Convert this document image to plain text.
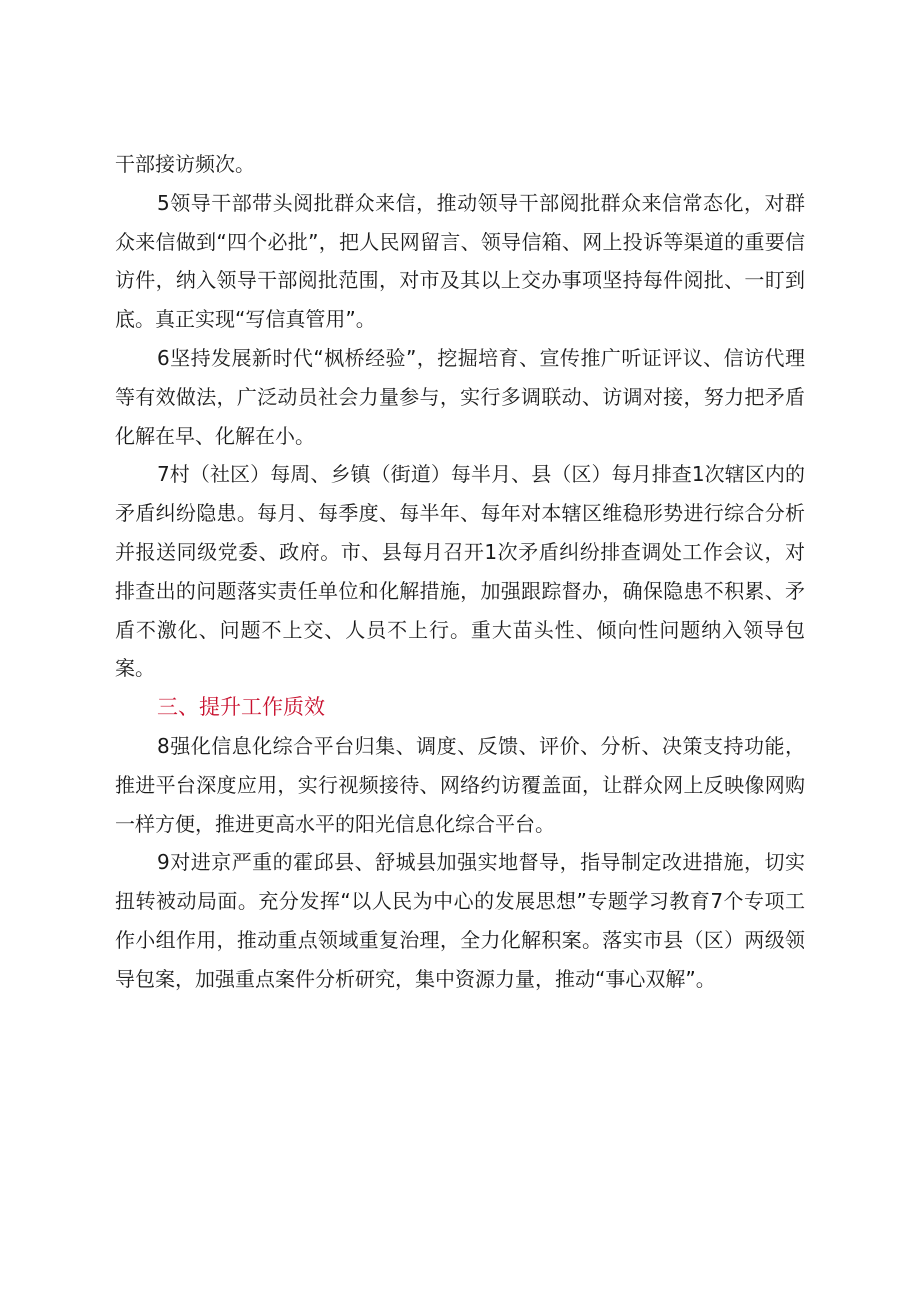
干部接访频次。

5领导干部带头阅批群众来信，推动领导干部阅批群众来信常态化，对群众来信做到“四个必批”，把人民网留言、领导信箱、网上投诉等渠道的重要信访件，纳入领导干部阅批范围，对市及其以上交办事项坚持每件阅批、一盯到底。真正实现“写信真管用”。

6坚持发展新时代“枫桥经验”，挖掘培育、宣传推广听证评议、信访代理等有效做法，广泛动员社会力量参与，实行多调联动、访调对接，努力把矛盾化解在早、化解在小。

7村（社区）每周、乡镇（街道）每半月、县（区）每月排查1次辖区内的矛盾纠纷隐患。每月、每季度、每半年、每年对本辖区维稳形势进行综合分析并报送同级党委、政府。市、县每月召开1次矛盾纠纷排查调处工作会议，对排查出的问题落实责任单位和化解措施，加强跟踪督办，确保隐患不积累、矛盾不激化、问题不上交、人员不上行。重大苗头性、倾向性问题纳入领导包案。

三、提升工作质效

8强化信息化综合平台归集、调度、反馈、评价、分析、决策支持功能，推进平台深度应用，实行视频接待、网络约访覆盖面，让群众网上反映像网购一样方便，推进更高水平的阳光信息化综合平台。

9对进京严重的霍邱县、舒城县加强实地督导，指导制定改进措施，切实扭转被动局面。充分发挥“以人民为中心的发展思想”专题学习教育7个专项工作小组作用，推动重点领域重复治理，全力化解积案。落实市县（区）两级领导包案，加强重点案件分析研究，集中资源力量，推动“事心双解”。
